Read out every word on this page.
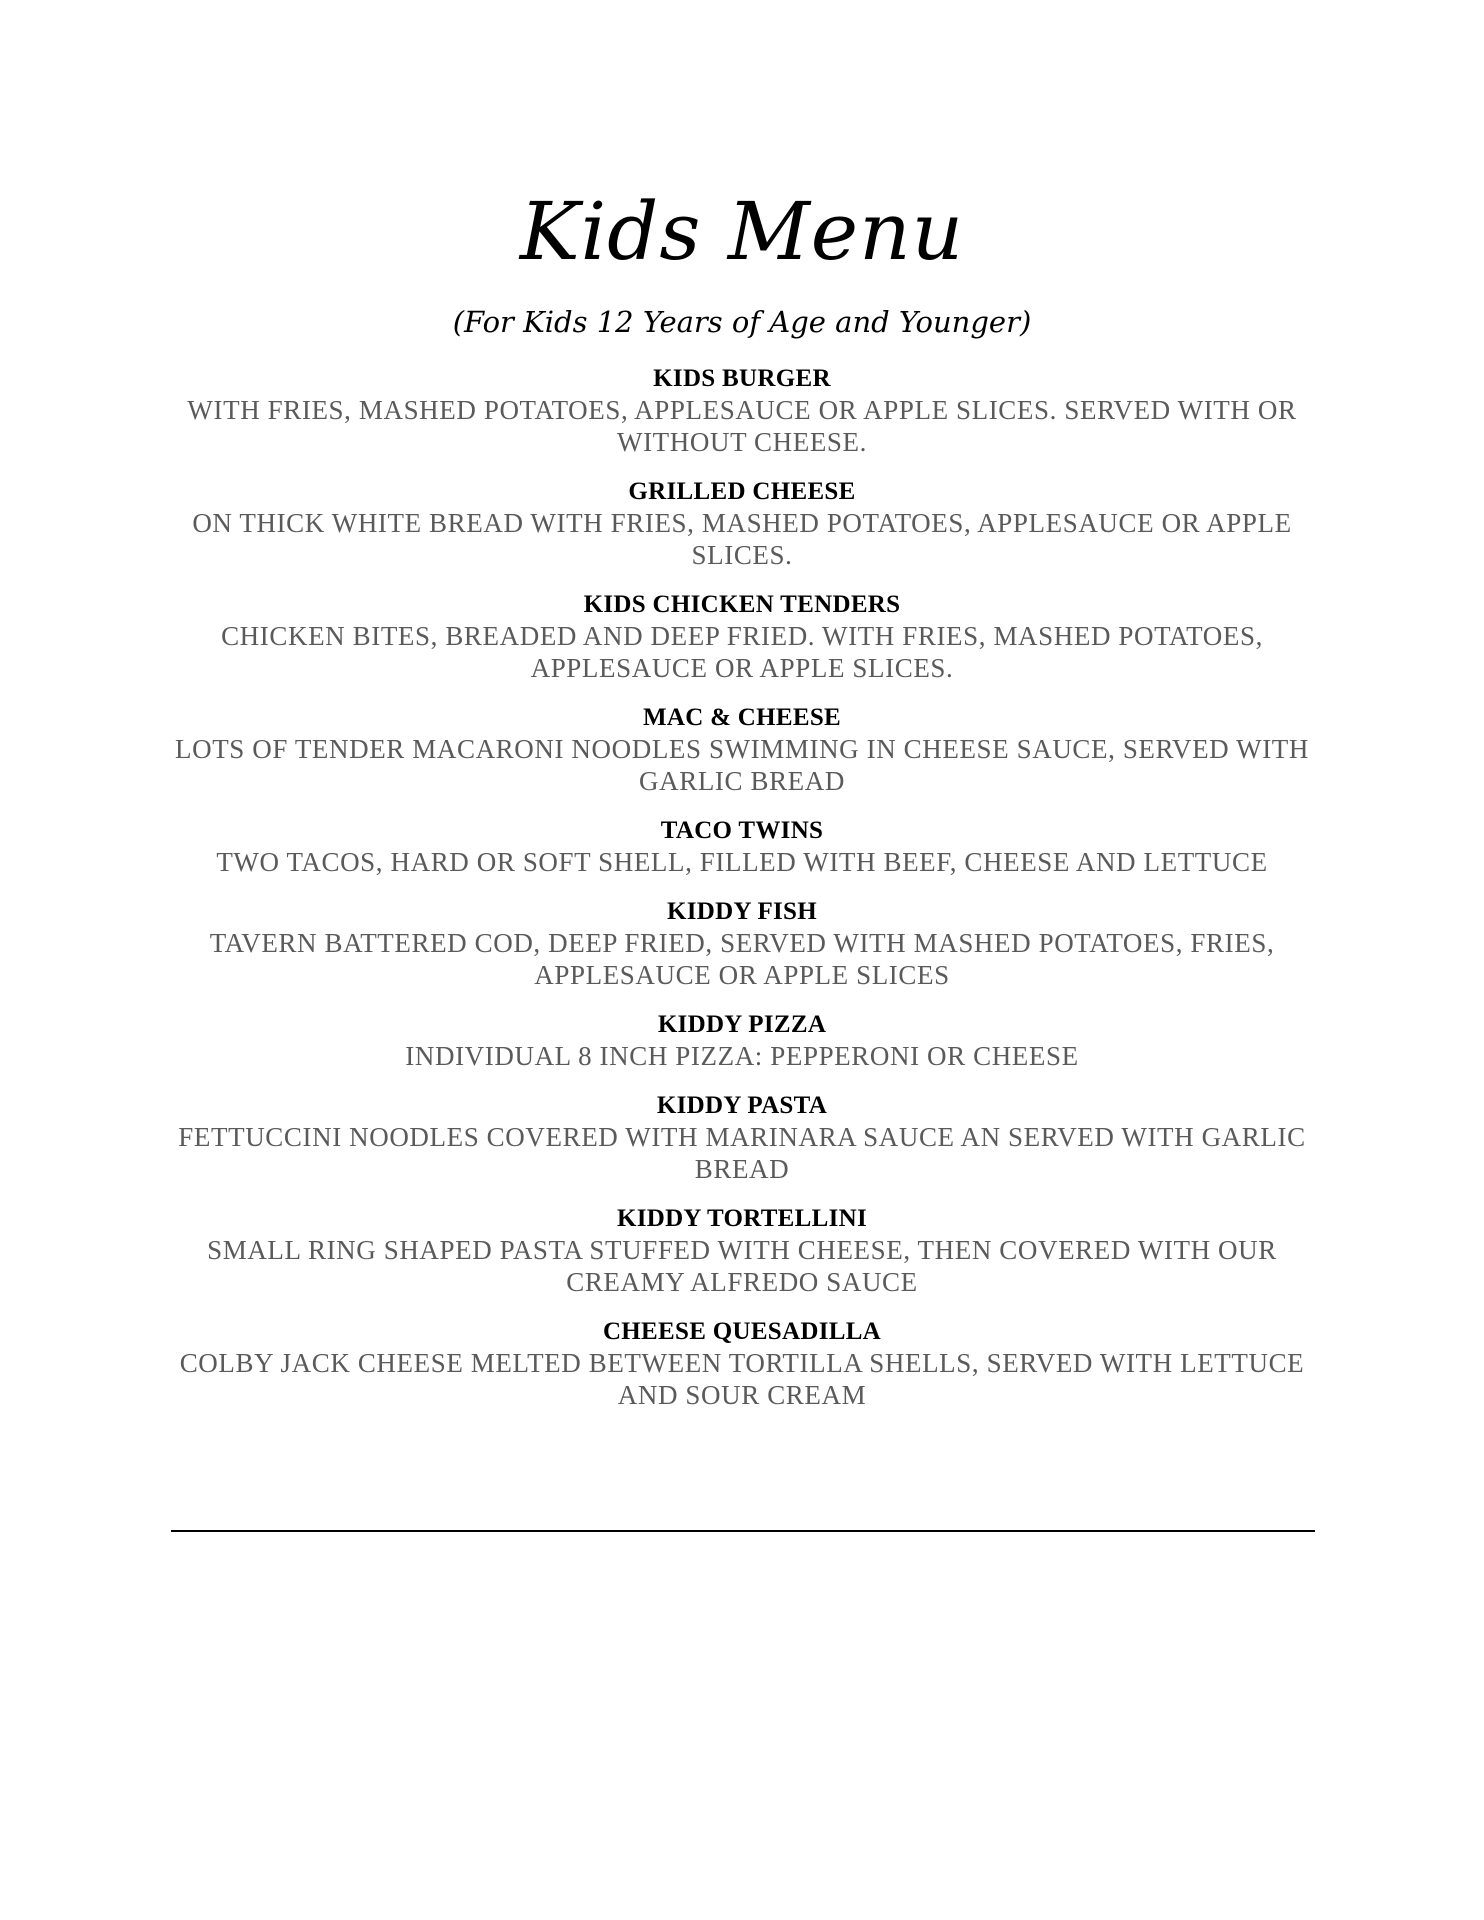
Kids Menu
(For Kids 12 Years of Age and Younger)
KIDS BURGER
WITH FRIES, MASHED POTATOES, APPLESAUCE OR APPLE SLICES. SERVED WITH OR WITHOUT CHEESE.
GRILLED CHEESE
ON THICK WHITE BREAD WITH FRIES, MASHED POTATOES, APPLESAUCE OR APPLE SLICES.
KIDS CHICKEN TENDERS
CHICKEN BITES, BREADED AND DEEP FRIED. WITH FRIES, MASHED POTATOES, APPLESAUCE OR APPLE SLICES.
MAC & CHEESE
LOTS OF TENDER MACARONI NOODLES SWIMMING IN CHEESE SAUCE, SERVED WITH GARLIC BREAD
TACO TWINS
TWO TACOS, HARD OR SOFT SHELL, FILLED WITH BEEF, CHEESE AND LETTUCE
KIDDY FISH
TAVERN BATTERED COD, DEEP FRIED, SERVED WITH MASHED POTATOES, FRIES, APPLESAUCE OR APPLE SLICES
KIDDY PIZZA
INDIVIDUAL 8 INCH PIZZA: PEPPERONI OR CHEESE
KIDDY PASTA
FETTUCCINI NOODLES COVERED WITH MARINARA SAUCE AN SERVED WITH GARLIC BREAD
KIDDY TORTELLINI
SMALL RING SHAPED PASTA STUFFED WITH CHEESE, THEN COVERED WITH OUR CREAMY ALFREDO SAUCE
CHEESE QUESADILLA
COLBY JACK CHEESE MELTED BETWEEN TORTILLA SHELLS, SERVED WITH LETTUCE AND SOUR CREAM
